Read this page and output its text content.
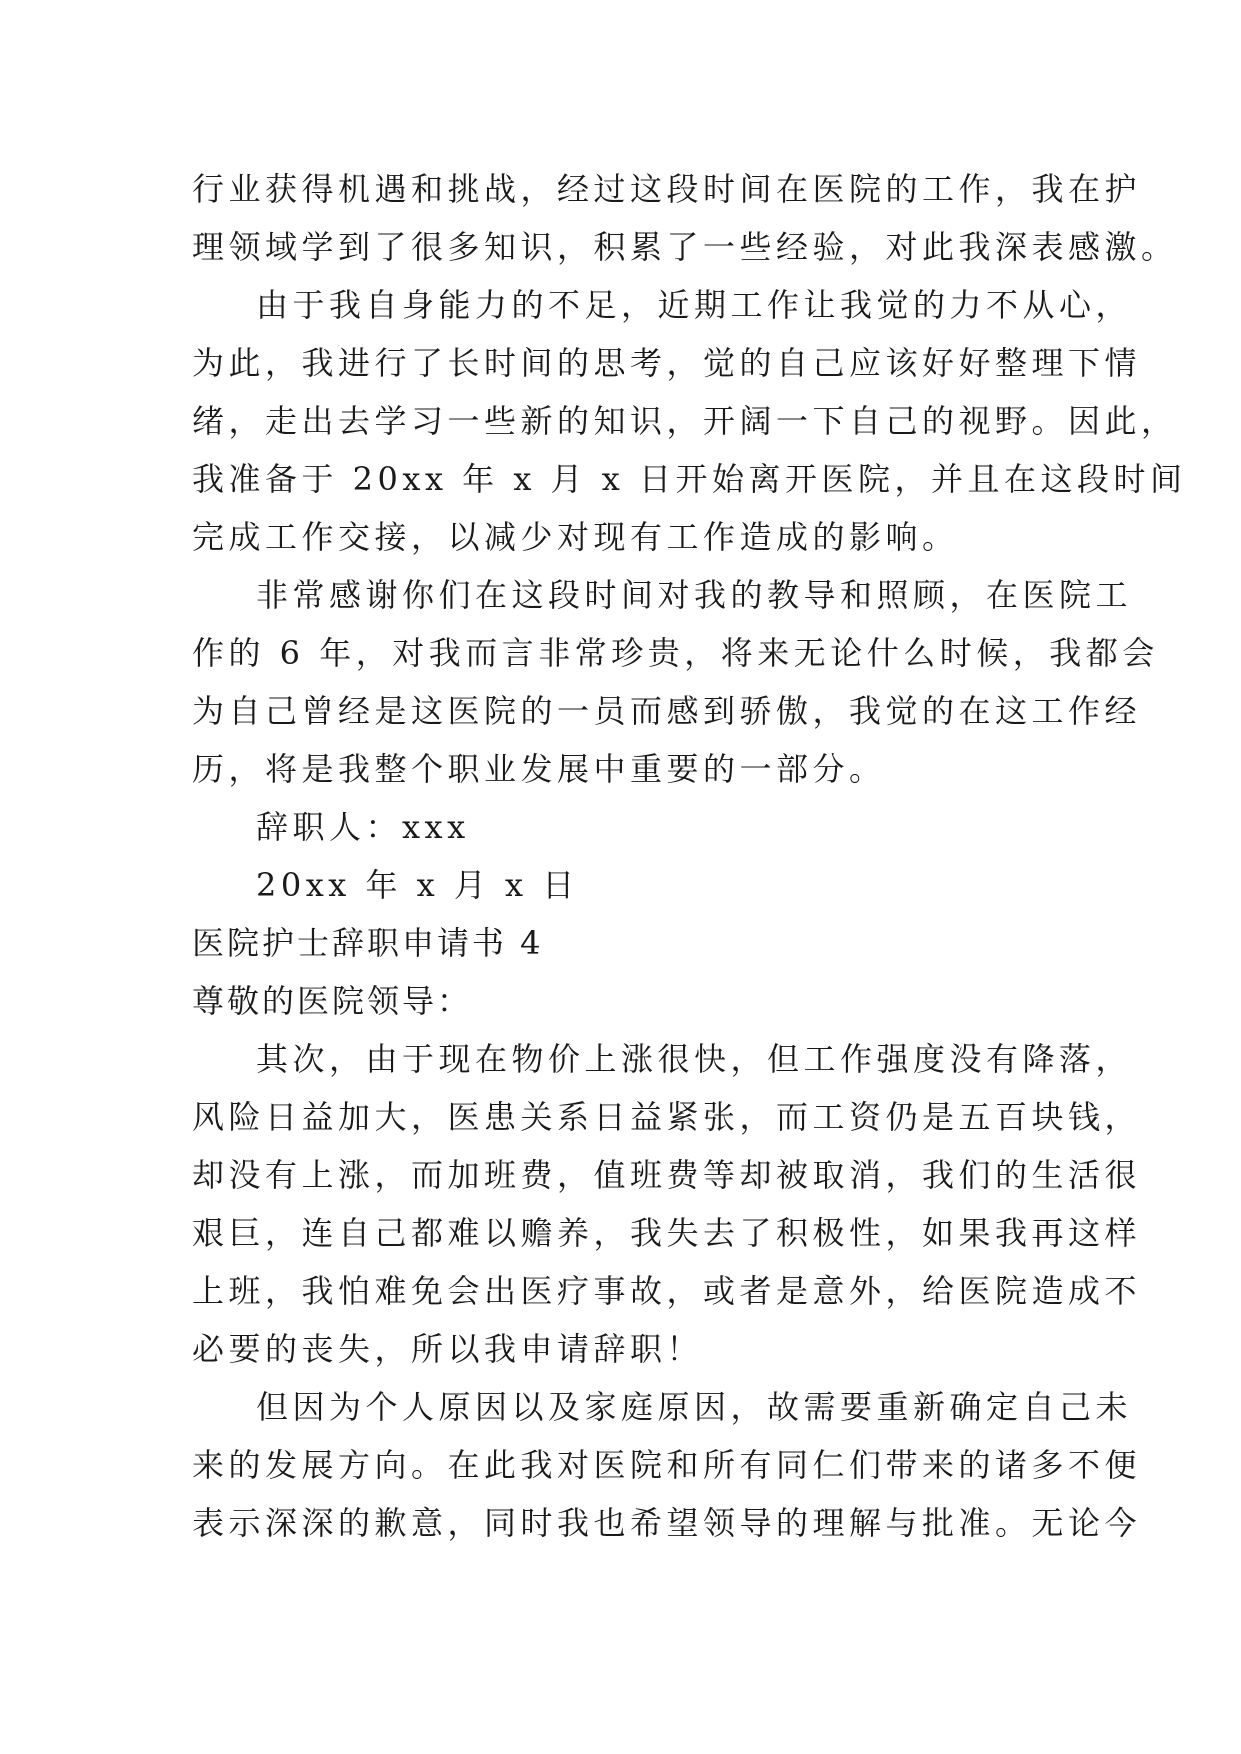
行业获得机遇和挑战，经过这段时间在医院的工作，我在护
理领域学到了很多知识，积累了一些经验，对此我深表感激。
由于我自身能力的不足，近期工作让我觉的力不从心，
为此，我进行了长时间的思考，觉的自己应该好好整理下情
绪，走出去学习一些新的知识，开阔一下自己的视野。因此，
我准备于 20xx 年 x 月 x 日开始离开医院，并且在这段时间
完成工作交接，以减少对现有工作造成的影响。
非常感谢你们在这段时间对我的教导和照顾，在医院工
作的 6 年，对我而言非常珍贵，将来无论什么时候，我都会
为自己曾经是这医院的一员而感到骄傲，我觉的在这工作经
历，将是我整个职业发展中重要的一部分。
辞职人：xxx
20xx 年 x 月 x 日
医院护士辞职申请书 4
尊敬的医院领导：
其次，由于现在物价上涨很快，但工作强度没有降落，
风险日益加大，医患关系日益紧张，而工资仍是五百块钱，
却没有上涨，而加班费，值班费等却被取消，我们的生活很
艰巨，连自己都难以赡养，我失去了积极性，如果我再这样
上班，我怕难免会出医疗事故，或者是意外，给医院造成不
必要的丧失，所以我申请辞职！
但因为个人原因以及家庭原因，故需要重新确定自己未
来的发展方向。在此我对医院和所有同仁们带来的诸多不便
表示深深的歉意，同时我也希望领导的理解与批准。无论今
